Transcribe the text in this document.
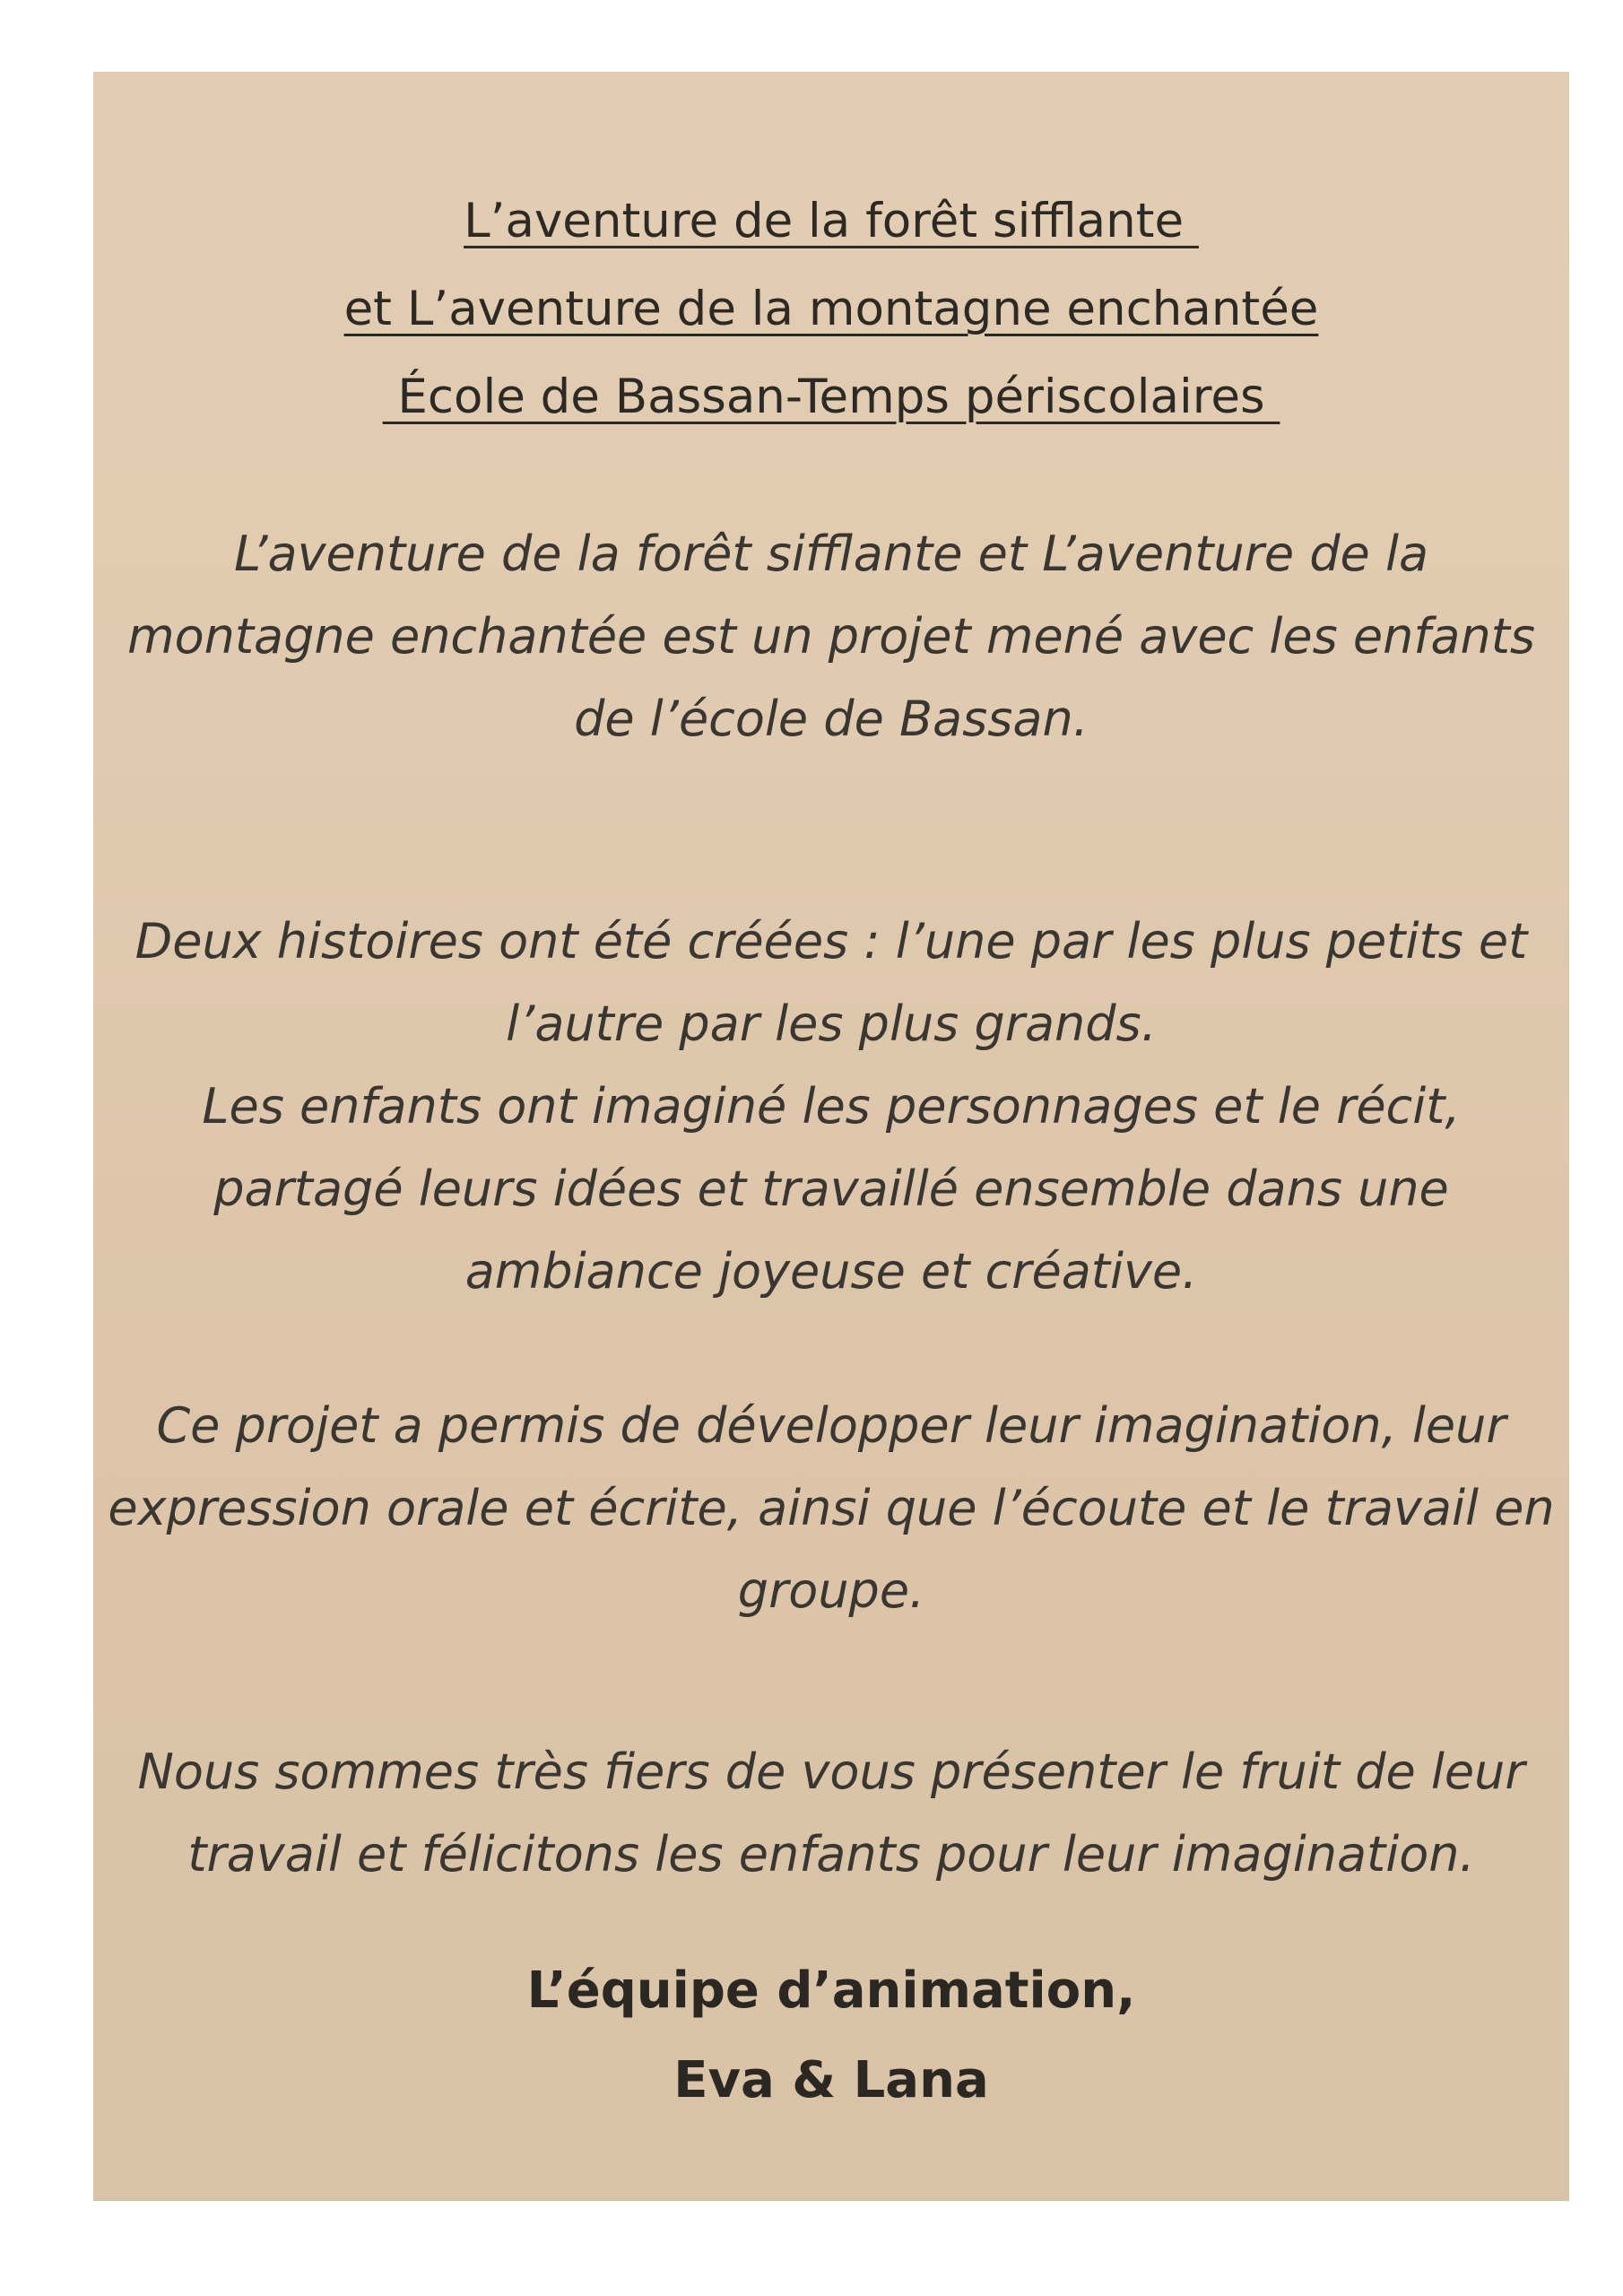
L’aventure de la forêt sifflante
et L’aventure de la montagne enchantée
École de Bassan-Temps périscolaires
L’aventure de la forêt sifflante et L’aventure de la
montagne enchantée est un projet mené avec les enfants
de l’école de Bassan.
Deux histoires ont été créées : l’une par les plus petits et
l’autre par les plus grands.
Les enfants ont imaginé les personnages et le récit,
partagé leurs idées et travaillé ensemble dans une
ambiance joyeuse et créative.
Ce projet a permis de développer leur imagination, leur
expression orale et écrite, ainsi que l’écoute et le travail en
groupe.
Nous sommes très fiers de vous présenter le fruit de leur
travail et félicitons les enfants pour leur imagination.
L’équipe d’animation,
Eva & Lana
